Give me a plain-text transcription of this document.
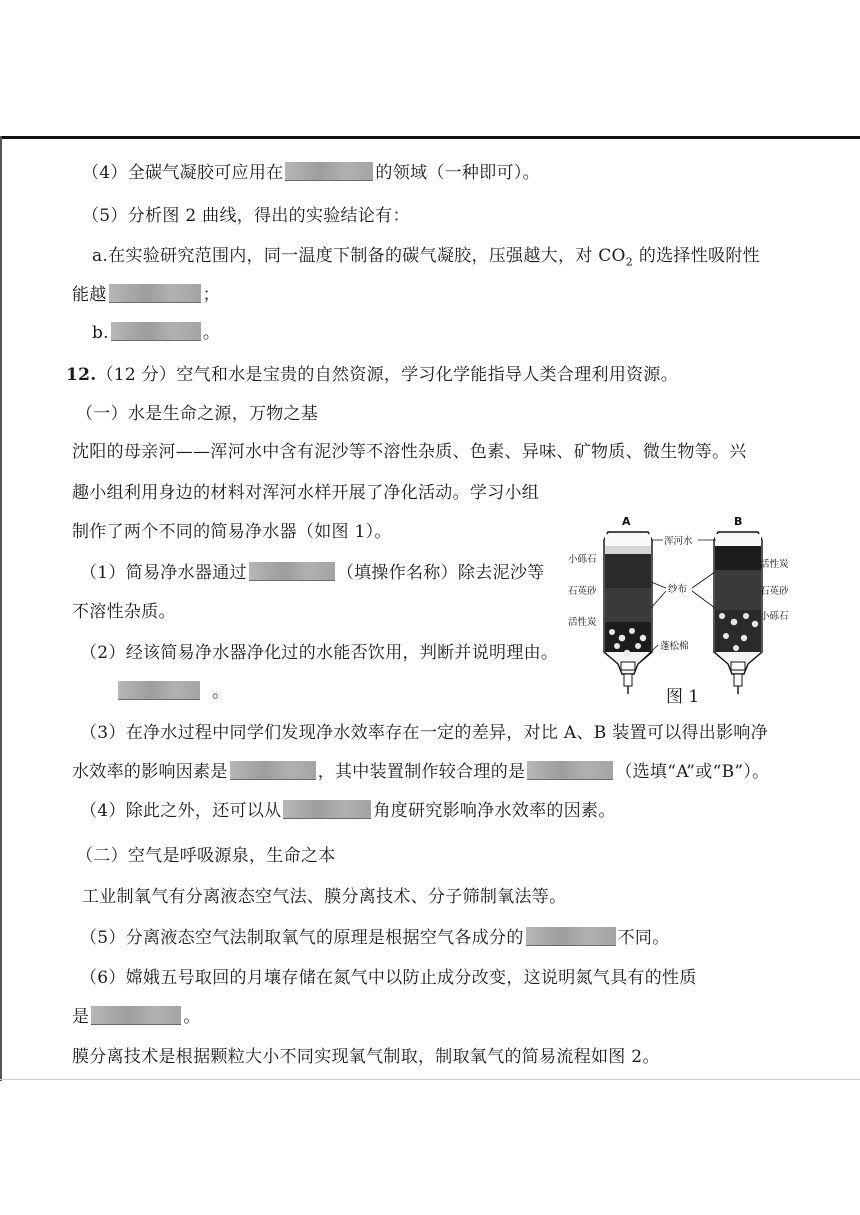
（4）全碳气凝胶可应用在	的领域（一种即可）。
（5）分析图 2 曲线，得出的实验结论有：
a.在实验研究范围内，同一温度下制备的碳气凝胶，压强越大，对 $CO_2$ 的选择性吸附性
能越	；
b.	。
12.（12 分）空气和水是宝贵的自然资源，学习化学能指导人类合理利用资源。
（一）水是生命之源，万物之基
沈阳的母亲河——浑河水中含有泥沙等不溶性杂质、色素、异味、矿物质、微生物等。兴
趣小组利用身边的材料对浑河水样开展了净化活动。学习小组
制作了两个不同的简易净水器（如图 1）。
（1）简易净水器通过	（填操作名称）除去泥沙等
不溶性杂质。
（2）经该简易净水器净化过的水能否饮用，判断并说明理由。
。
A	B
浑河水
小砾石
石英砂
活性炭
纱布
蓬松棉
活性炭
石英砂
小砾石
图 1
（3）在净水过程中同学们发现净水效率存在一定的差异，对比 A、B 装置可以得出影响净
水效率的影响因素是	，其中装置制作较合理的是	（选填“A”或“B”）。
（4）除此之外，还可以从	角度研究影响净水效率的因素。
（二）空气是呼吸源泉，生命之本
工业制氧气有分离液态空气法、膜分离技术、分子筛制氧法等。
（5）分离液态空气法制取氧气的原理是根据空气各成分的	不同。
（6）嫦娥五号取回的月壤存储在氮气中以防止成分改变，这说明氮气具有的性质
是	。
膜分离技术是根据颗粒大小不同实现氧气制取，制取氧气的简易流程如图 2。
